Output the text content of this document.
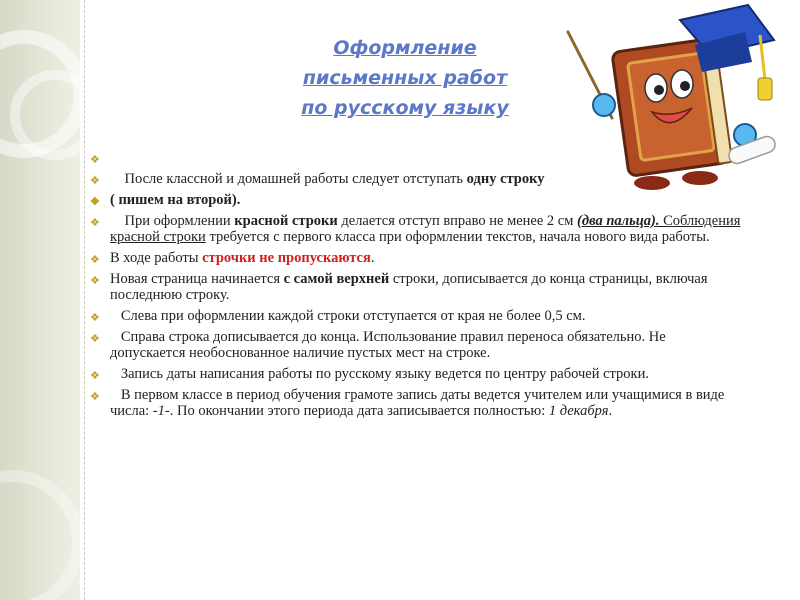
Оформление
письменных работ
по русскому языку
❖

❖ После классной и домашней работы следует отступать одну строку
❖ ( пишем на второй).
❖ При оформлении красной строки делается отступ вправо не менее 2 см (два пальца). Соблюдения красной строки требуется с первого класса при оформлении текстов, начала нового вида работы.
❖ В ходе работы строчки не пропускаются.
❖ Новая страница начинается с самой верхней строки, дописывается до конца страницы, включая последнюю строку.
❖ Слева при оформлении каждой строки отступается от края не более 0,5 см.
❖ Справа строка дописывается до конца. Использование правил переноса обязательно. Не допускается необоснованное наличие пустых мест на строке.
❖ Запись даты написания работы по русскому языку ведется по центру рабочей строки.
❖ В первом классе в период обучения грамоте запись даты ведется учителем или учащимися в виде числа: -1-. По окончании этого периода дата записывается полностью: 1 декабря.
